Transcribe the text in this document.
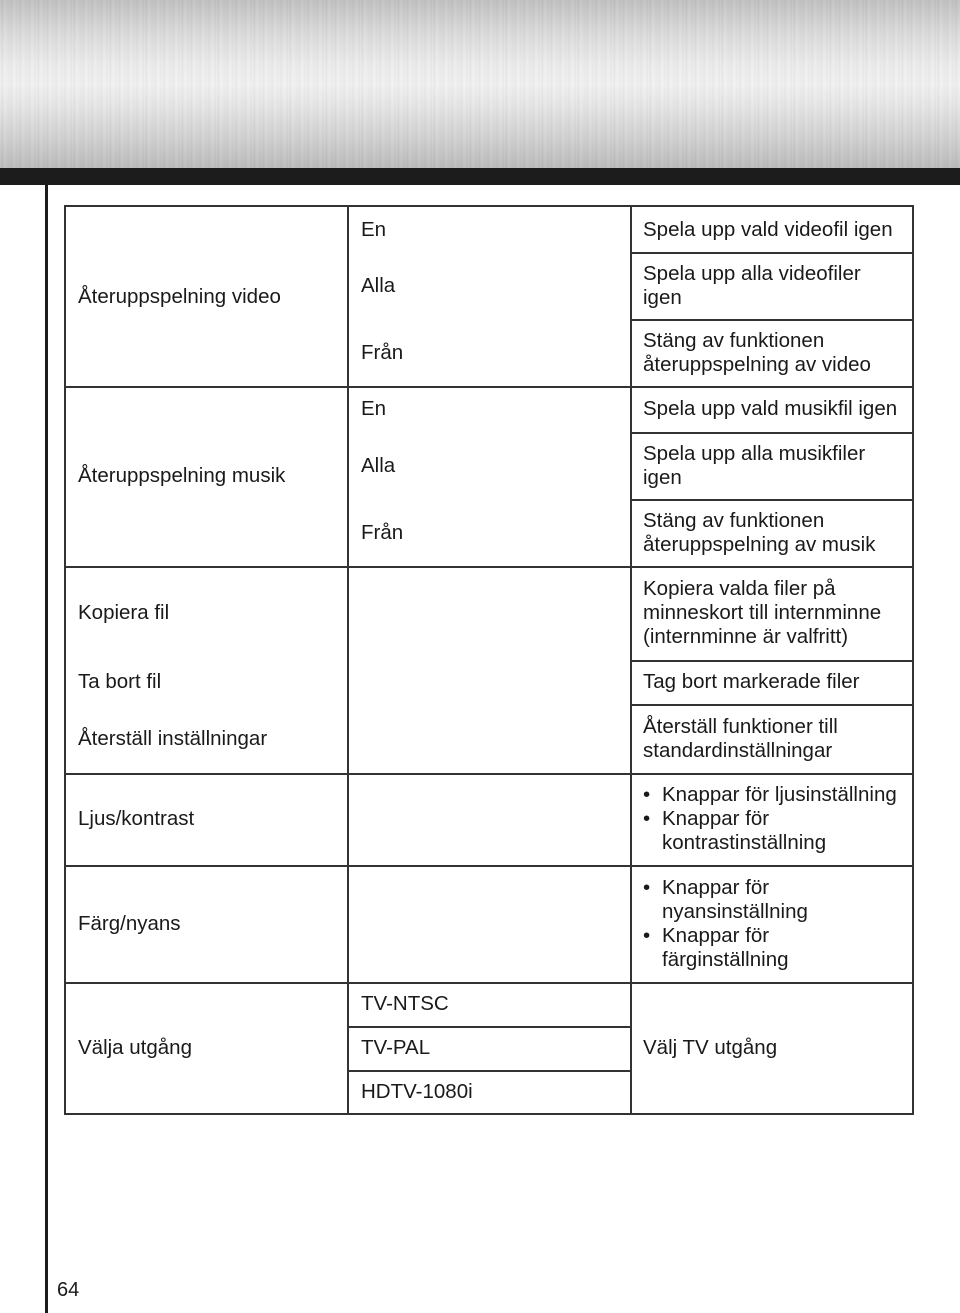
Återuppspelning video
En
Alla
Från
Spela upp vald videofil igen
Spela upp alla videofiler igen
Stäng av funktionen återuppspelning av video
Återuppspelning musik
En
Alla
Från
Spela upp vald musikfil igen
Spela upp alla musikfiler igen
Stäng av funktionen återuppspelning av musik
Kopiera fil
Kopiera valda filer på minneskort till internminne (internminne är valfritt)
Ta bort fil	Tag bort markerade filer
Återställ inställningar
Återställ funktioner till standardinställningar
Ljus/kontrast
• Knappar för ljusinställning
• Knappar för kontrastinställning
Färg/nyans
• Knappar för nyansinställning
• Knappar för färginställning
Välja utgång
TV-NTSC
TV-PAL
HDTV-1080i
Välj TV utgång
64
